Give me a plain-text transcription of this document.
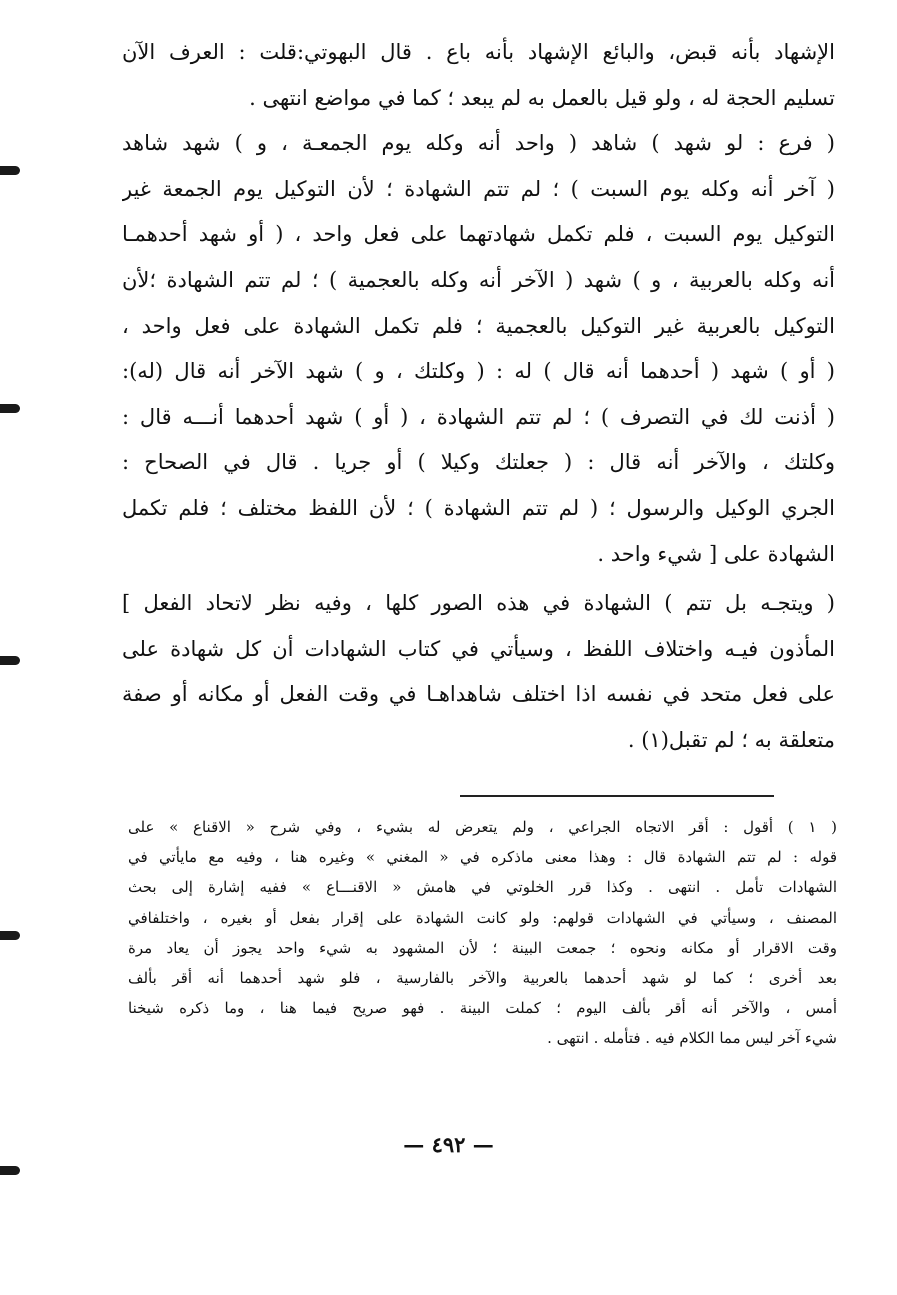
الإشهاد بأنه قبض، والبائع الإشهاد بأنه باع . قال البهوتي:قلت : العرف الآن
تسليم الحجة له ، ولو قيل بالعمل به لم يبعد ؛ كما في مواضع انتهى .
( فرع : لو شهد ) شاهد ( واحد أنه وكله يوم الجمعـة ، و ) شهد شاهد
( آخر أنه وكله يوم السبت ) ؛ لم تتم الشهادة ؛ لأن التوكيل يوم الجمعة غير
التوكيل يوم السبت ، فلم تكمل شهادتهما على فعل واحد ، ( أو شهد أحدهمـا
أنه وكله بالعربية ، و ) شهد ( الآخر أنه وكله بالعجمية ) ؛ لم تتم الشهادة ؛لأن
التوكيل بالعربية غير التوكيل بالعجمية ؛ فلم تكمل الشهادة على فعل واحد ،
( أو ) شهد ( أحدهما أنه قال ) له : ( وكلتك ، و ) شهد الآخر أنه قال (له):
( أذنت لك في التصرف ) ؛ لم تتم الشهادة ، ( أو ) شهد أحدهما أنـــه قال :
وكلتك ، والآخر أنه قال : ( جعلتك وكيلا ) أو جريا . قال في الصحاح :
الجري الوكيل والرسول ؛ ( لم تتم الشهادة ) ؛ لأن اللفظ مختلف ؛ فلم تكمل
الشهادة على [ شيء واحد .
( ويتجـه بل تتم ) الشهادة في هذه الصور كلها ، وفيه نظر لاتحاد الفعل ]
المأذون فيـه واختلاف اللفظ ، وسيأتي في كتاب الشهادات أن كل شهادة على
على فعل متحد في نفسه اذا اختلف شاهداهـا في وقت الفعل أو مكانه أو صفة
متعلقة به ؛ لم تقبل(١) .
( ١ ) أقول : أقر الاتجاه الجراعي ، ولم يتعرض له بشيء ، وفي شرح « الاقناع » على
قوله : لم تتم الشهادة قال : وهذا معنى ماذكره في « المغني » وغيره هنا ، وفيه مع مايأتي في
الشهادات تأمل . انتهى . وكذا قرر الخلوتي في هامش « الاقنـــاع » ففيه إشارة إلى بحث
المصنف ، وسيأتي في الشهادات قولهم: ولو كانت الشهادة على إقرار بفعل أو بغيره ، واختلفافي
وقت الاقرار أو مكانه ونحوه ؛ جمعت البينة ؛ لأن المشهود به شيء واحد يجوز أن يعاد مرة
بعد أخرى ؛ كما لو شهد أحدهما بالعربية والآخر بالفارسية ، فلو شهد أحدهما أنه أقر بألف
أمس ، والآخر أنه أقر بألف اليوم ؛ كملت البينة . فهو صريح فيما هنا ، وما ذكره شيخنا
شيء آخر ليس مما الكلام فيه . فتأمله . انتهى .
— ٤٩٢ —
